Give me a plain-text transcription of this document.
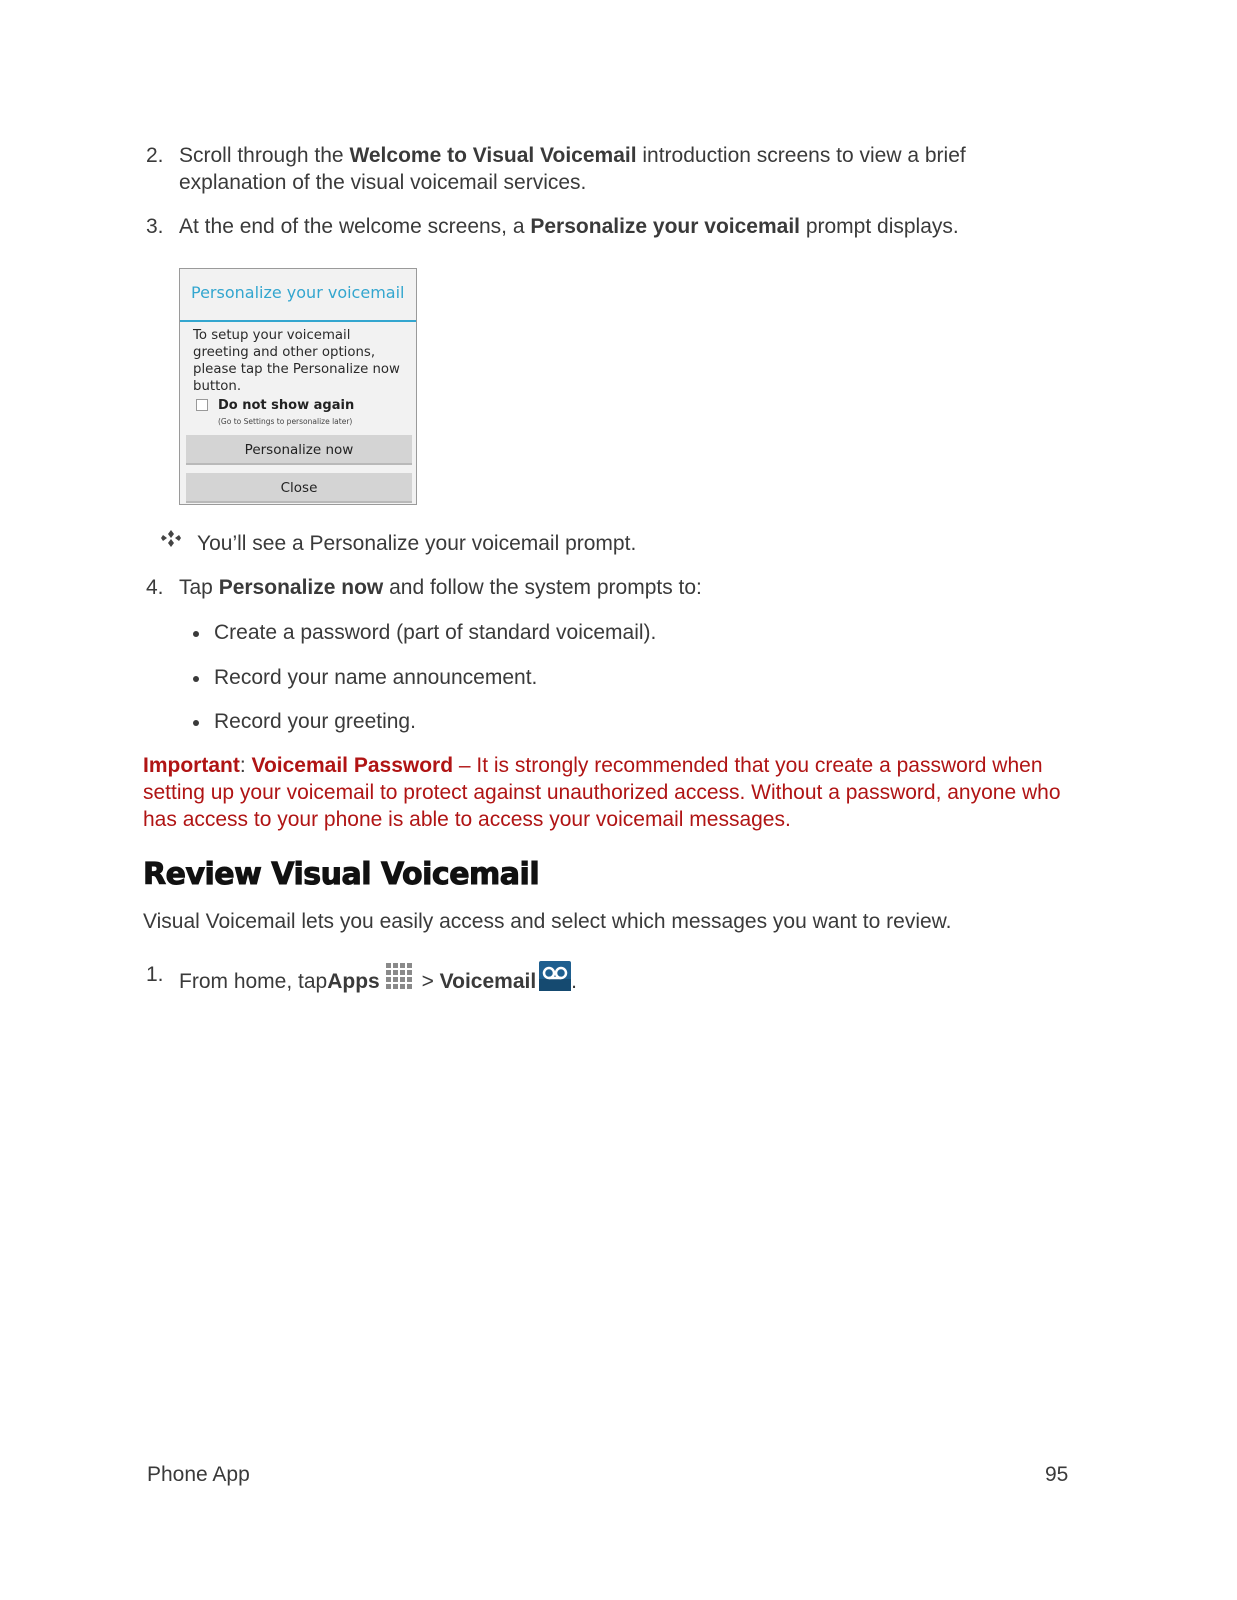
2. Scroll through the Welcome to Visual Voicemail introduction screens to view a brief
explanation of the visual voicemail services.
3. At the end of the welcome screens, a Personalize your voicemail prompt displays.
Personalize your voicemail
To setup your voicemail greeting and other options, please tap the Personalize now button.
Do not show again
(Go to Settings to personalize later)
Personalize now
Close
You’ll see a Personalize your voicemail prompt.
4. Tap Personalize now and follow the system prompts to:
Create a password (part of standard voicemail).
Record your name announcement.
Record your greeting.
Important: Voicemail Password – It is strongly recommended that you create a password when
setting up your voicemail to protect against unauthorized access. Without a password, anyone who
has access to your phone is able to access your voicemail messages.
Review Visual Voicemail
Visual Voicemail lets you easily access and select which messages you want to review.
1. From home, tap Apps > Voicemail .
Phone App	95
